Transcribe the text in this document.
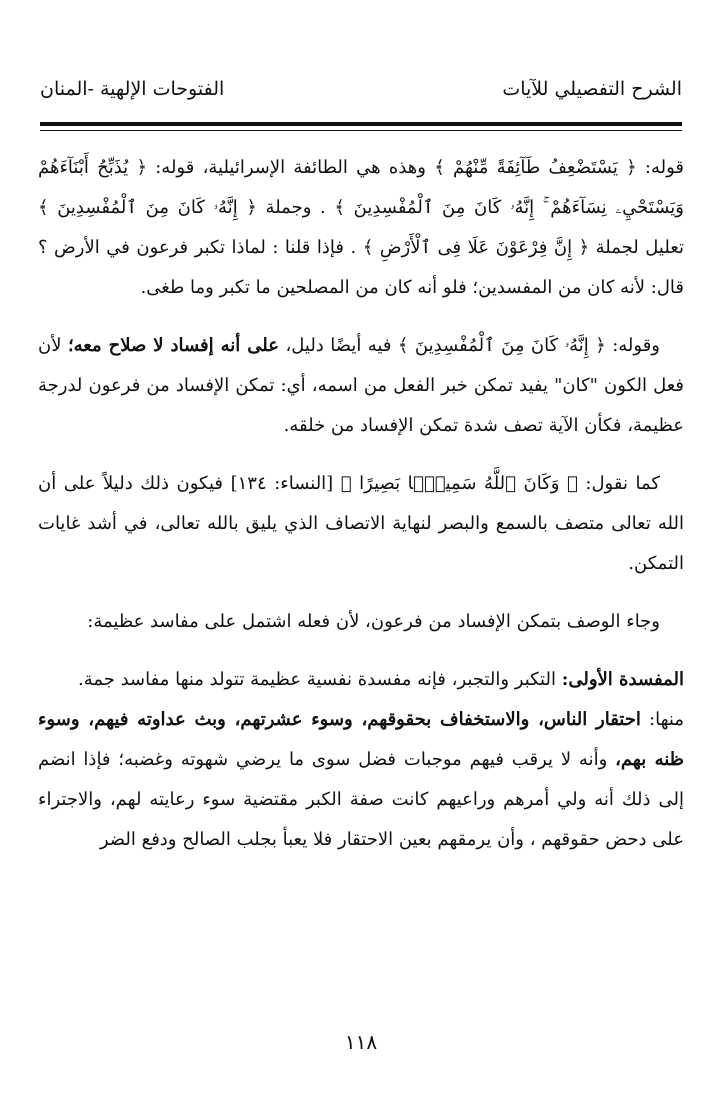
الشرح التفصيلي للآيات
الفتوحات الإلهية -المنان

قوله: ﴿ يَسْتَضْعِفُ طَآئِفَةً مِّنْهُمْ ﴾ وهذه هي الطائفة الإسرائيلية، قوله: ﴿ يُذَبِّحُ أَبْنَآءَهُمْ وَيَسْتَحْيِۦ نِسَآءَهُمْ ۚ إِنَّهُۥ كَانَ مِنَ ٱلْمُفْسِدِينَ ﴾ . وجملة ﴿ إِنَّهُۥ كَانَ مِنَ ٱلْمُفْسِدِينَ ﴾ تعليل لجملة ﴿ إِنَّ فِرْعَوْنَ عَلَا فِى ٱلْأَرْضِ ﴾ . فإذا قلنا : لماذا تكبر فرعون في الأرض ؟ قال: لأنه كان من المفسدين؛ فلو أنه كان من المصلحين ما تكبر وما طغى.

وقوله: ﴿ إِنَّهُۥ كَانَ مِنَ ٱلْمُفْسِدِينَ ﴾ فيه أيضًا دليل، على أنه إفساد لا صلاح معه؛ لأن فعل الكون "كان" يفيد تمكن خبر الفعل من اسمه، أي: تمكن الإفساد من فرعون لدرجة عظيمة، فكأن الآية تصف شدة تمكن الإفساد من خلقه.

كما نقول: ﴿ وَكَانَ ٱللَّهُ سَمِيعًۢا بَصِيرًا ﴾ [النساء: ١٣٤] فيكون ذلك دليلاً على أن الله تعالى متصف بالسمع والبصر لنهاية الاتصاف الذي يليق بالله تعالى، في أشد غايات التمكن.

وجاء الوصف بتمكن الإفساد من فرعون، لأن فعله اشتمل على مفاسد عظيمة:

المفسدة الأولى: التكبر والتجبر، فإنه مفسدة نفسية عظيمة تتولد منها مفاسد جمة.

منها: احتقار الناس، والاستخفاف بحقوقهم، وسوء عشرتهم، وبث عداوته فيهم، وسوء ظنه بهم، وأنه لا يرقب فيهم موجبات فضل سوى ما يرضي شهوته وغضبه؛ فإذا انضم إلى ذلك أنه ولي أمرهم وراعيهم كانت صفة الكبر مقتضية سوء رعايته لهم، والاجتراء على دحض حقوقهم ، وأن يرمقهم بعين الاحتقار فلا يعبأ بجلب الصالح ودفع الضر

١١٨
